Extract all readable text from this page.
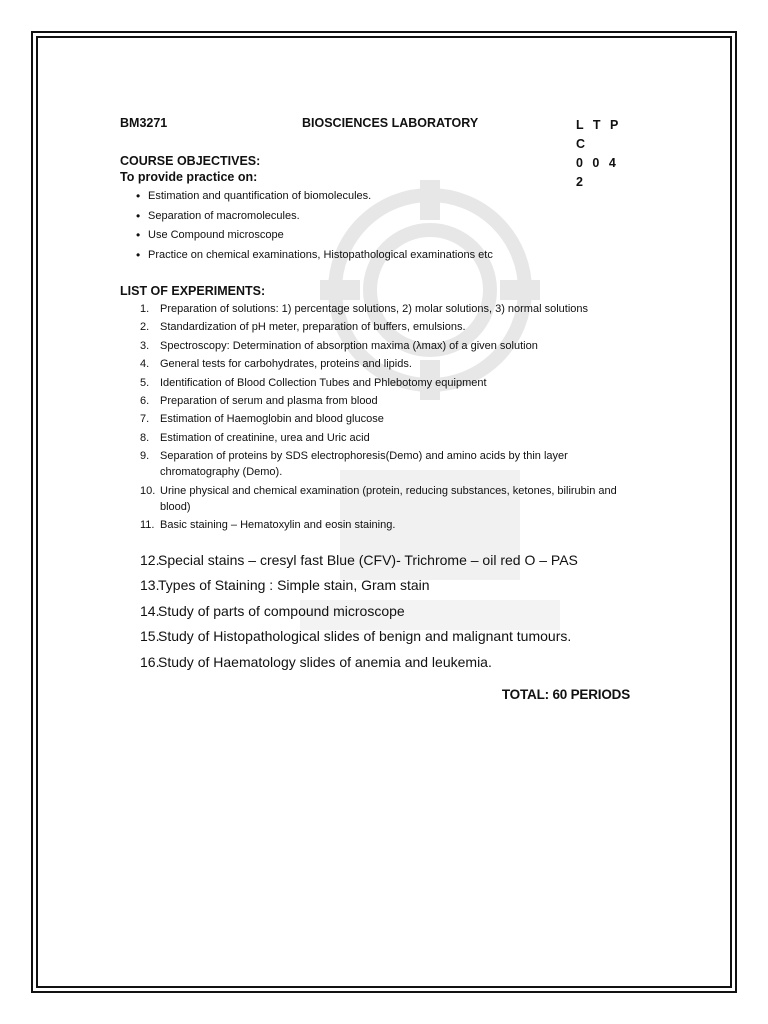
BM3271	BIOSCIENCES LABORATORY	L T P C
0 0 4 2
COURSE OBJECTIVES:
To provide practice on:
• Estimation and quantification of biomolecules.
• Separation of macromolecules.
• Use Compound microscope
• Practice on chemical examinations, Histopathological examinations etc
LIST OF EXPERIMENTS:
1. Preparation of solutions: 1) percentage solutions, 2) molar solutions, 3) normal solutions
2. Standardization of pH meter, preparation of buffers, emulsions.
3. Spectroscopy: Determination of absorption maxima (λmax) of a given solution
4. General tests for carbohydrates, proteins and lipids.
5. Identification of Blood Collection Tubes and Phlebotomy equipment
6. Preparation of serum and plasma from blood
7. Estimation of Haemoglobin and blood glucose
8. Estimation of creatinine, urea and Uric acid
9. Separation of proteins by SDS electrophoresis(Demo) and amino acids by thin layer chromatography (Demo).
10. Urine physical and chemical examination (protein, reducing substances, ketones, bilirubin and blood)
11. Basic staining – Hematoxylin and eosin staining.
12.
Special stains – cresyl fast Blue (CFV)- Trichrome – oil red O – PAS
13.
Types of Staining : Simple stain, Gram stain
14.
Study of parts of compound microscope
15.
Study of Histopathological slides of benign and malignant tumours.
16.
Study of Haematology slides of anemia and leukemia.
TOTAL: 60 PERIODS
